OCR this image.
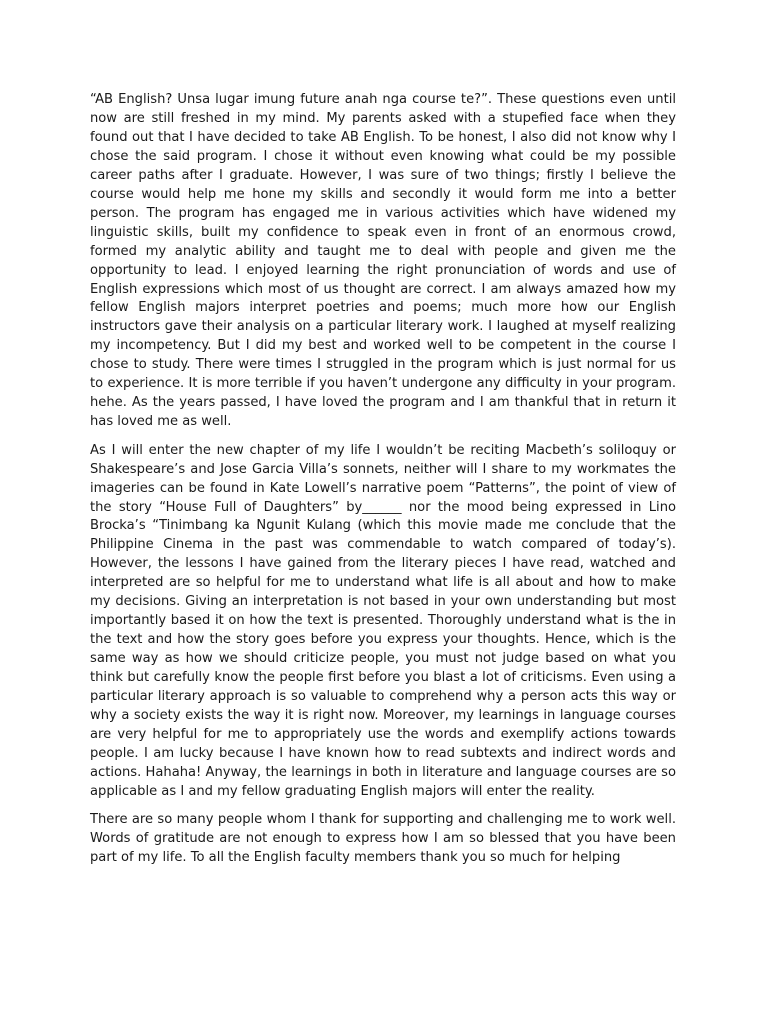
“AB English? Unsa lugar imung future anah nga course te?”. These questions even until now are still freshed in my mind. My parents asked with a stupefied face when they found out that I have decided to take AB English. To be honest, I also did not know why I chose the said program. I chose it without even knowing what could be my possible career paths after I graduate. However, I was sure of two things; firstly I believe the course would help me hone my skills and secondly it would form me into a better person. The program has engaged me in various activities which have widened my linguistic skills, built my confidence to speak even in front of an enormous crowd, formed my analytic ability and taught me to deal with people and given me the opportunity to lead. I enjoyed learning the right pronunciation of words and use of English expressions which most of us thought are correct. I am always amazed how my fellow English majors interpret poetries and poems; much more how our English instructors gave their analysis on a particular literary work. I laughed at myself realizing my incompetency. But I did my best and worked well to be competent in the course I chose to study. There were times I struggled in the program which is just normal for us to experience. It is more terrible if you haven’t undergone any difficulty in your program. hehe. As the years passed, I have loved the program and I am thankful that in return it has loved me as well.

As I will enter the new chapter of my life I wouldn’t be reciting Macbeth’s soliloquy or Shakespeare’s and Jose Garcia Villa’s sonnets, neither will I share to my workmates the imageries can be found in Kate Lowell’s narrative poem “Patterns”, the point of view of the story “House Full of Daughters” by______ nor the mood being expressed in Lino Brocka’s “Tinimbang ka Ngunit Kulang (which this movie made me conclude that the Philippine Cinema in the past was commendable to watch compared of today’s). However, the lessons I have gained from the literary pieces I have read, watched and interpreted are so helpful for me to understand what life is all about and how to make my decisions. Giving an interpretation is not based in your own understanding but most importantly based it on how the text is presented. Thoroughly understand what is the in the text and how the story goes before you express your thoughts. Hence, which is the same way as how we should criticize people, you must not judge based on what you think but carefully know the people first before you blast a lot of criticisms. Even using a particular literary approach is so valuable to comprehend why a person acts this way or why a society exists the way it is right now. Moreover, my learnings in language courses are very helpful for me to appropriately use the words and exemplify actions towards people. I am lucky because I have known how to read subtexts and indirect words and actions. Hahaha! Anyway, the learnings in both in literature and language courses are so applicable as I and my fellow graduating English majors will enter the reality.

There are so many people whom I thank for supporting and challenging me to work well. Words of gratitude are not enough to express how I am so blessed that you have been part of my life. To all the English faculty members thank you so much for helping
